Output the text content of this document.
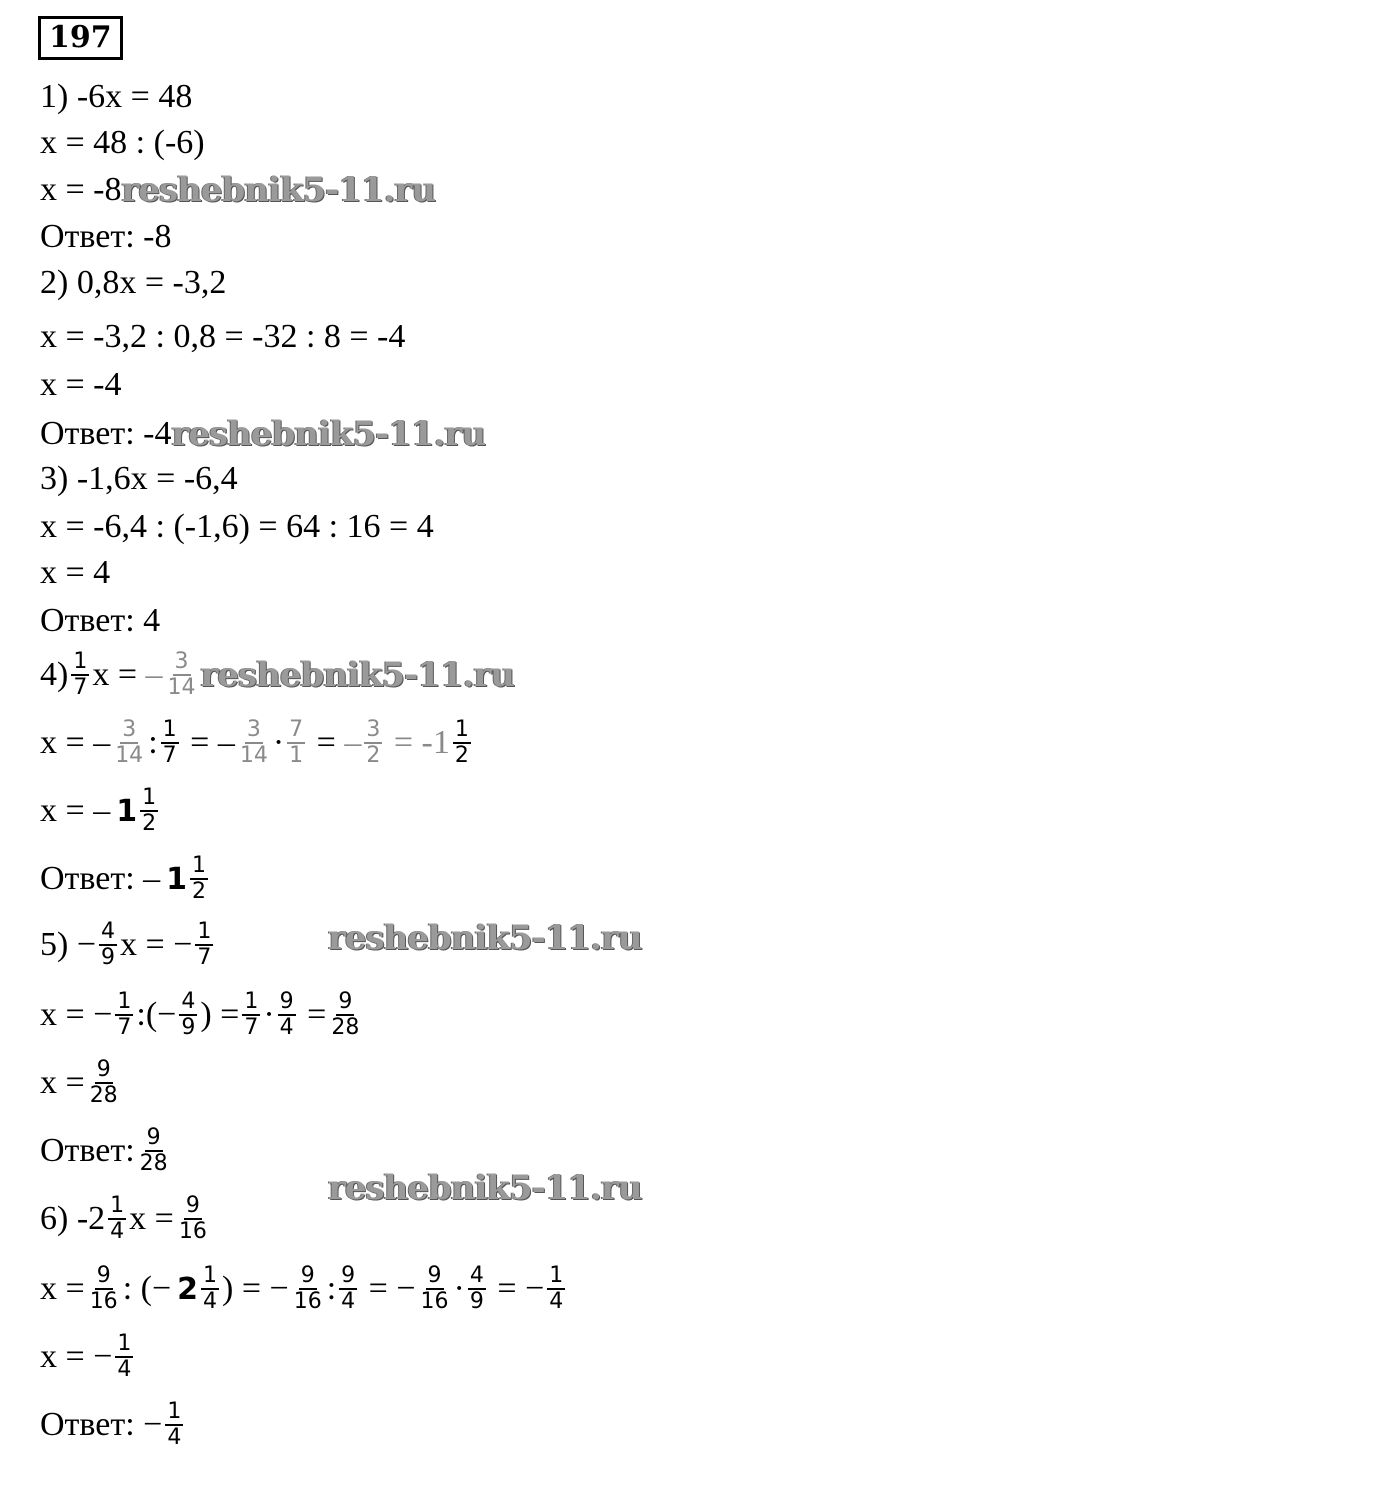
197
1) -6x = 48
x = 48 : (-6)
x = -8 reshebnik5-11.ru
Ответ: -8
2) 0,8x = -3,2
x = -3,2 : 0,8 = -32 : 8 = -4
x = -4
Ответ: -4 reshebnik5-11.ru
3) -1,6x = -6,4
x = -6,4 : (-1,6) = 64 : 16 = 4
x = 4
Ответ: 4
$4) \frac{1}{7}$ x = – $\frac{3}{14}$ reshebnik5-11.ru
x =
– $\frac{3}{14}$ : $\frac{1}{7}$ = – $\frac{3}{14} \cdot \frac{7}{1}$ = – $\frac{3}{2}$
=
$-1 \frac{1}{2}$
x =
– $1 \frac{1}{2}$
Ответ:
– $1 \frac{1}{2}$
5)
− $\frac{4}{9}$ x = − $\frac{1}{7}$	reshebnik5-11.ru
x =
− $\frac{1}{7}$ :( − $\frac{4}{9}$ ) = $\frac{1}{7} \cdot \frac{9}{4} = \frac{9}{28}$
$x = \frac{9}{28}$
Ответ: $\frac{9}{28}$
reshebnik5-11.ru
6) $-2 \frac{1}{4}$ $x = \frac{9}{16}$
$x = \frac{9}{16}$ : ( − $2 \frac{1}{4}$ ) = − $\frac{9}{16}$ : $\frac{9}{4}$ = − $\frac{9}{16} \cdot \frac{4}{9}$ = − $\frac{1}{4}$
x =
− $\frac{1}{4}$
Ответ:
− $\frac{1}{4}$
